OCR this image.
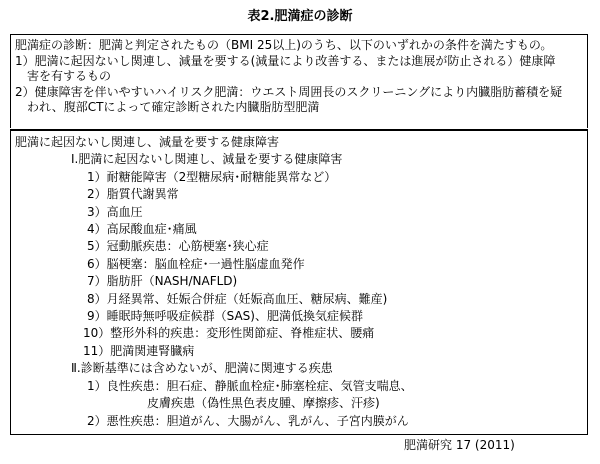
表2.肥満症の診断
肥満症の診断：肥満と判定されたもの（BMI 25以上)のうち、以下のいずれかの条件を満たすもの。
1）肥満に起因ないし関連し、減量を要する(減量により改善する、または進展が防止される）健康障
害を有するもの
2）健康障害を伴いやすいハイリスク肥満：ウエスト周囲長のスクリーニングにより内臓脂肪蓄積を疑
われ、腹部CTによって確定診断された内臓脂肪型肥満
肥満に起因ないし関連し、減量を要する健康障害
Ⅰ.肥満に起因ないし関連し、減量を要する健康障害
1）耐糖能障害（2型糖尿病･耐糖能異常など）
2）脂質代謝異常
3）高血圧
4）高尿酸血症･痛風
5）冠動脈疾患：心筋梗塞･狭心症
6）脳梗塞：脳血栓症･一過性脳虚血発作
7）脂肪肝（NASH/NAFLD)
8）月経異常、妊娠合併症（妊娠高血圧、糖尿病、難産)
9）睡眠時無呼吸症候群（SAS)、肥満低換気症候群
10）整形外科的疾患：変形性関節症、脊椎症状、腰痛
11）肥満関連腎臓病
Ⅱ.診断基準には含めないが、肥満に関連する疾患
1）良性疾患：胆石症、静脈血栓症･肺塞栓症、気管支喘息、
皮膚疾患（偽性黒色表皮腫、摩擦疹、汗疹)
2）悪性疾患：胆道がん、大腸がん、乳がん、子宮内膜がん
肥満研究 17 (2011)
